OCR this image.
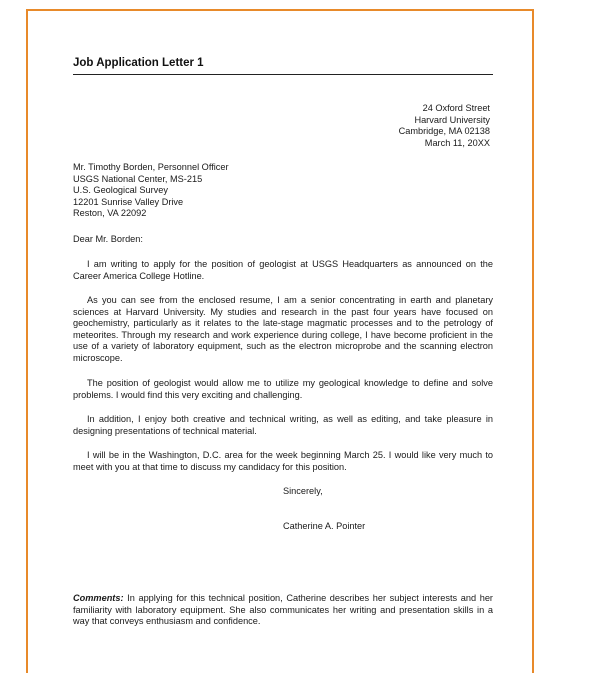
Job Application Letter 1
24 Oxford Street
Harvard University
Cambridge, MA 02138
March 11, 20XX
Mr. Timothy Borden, Personnel Officer
USGS National Center, MS-215
U.S. Geological Survey
12201 Sunrise Valley Drive
Reston, VA 22092
Dear Mr. Borden:
I am writing to apply for the position of geologist at USGS Headquarters as announced on the Career America College Hotline.
As you can see from the enclosed resume, I am a senior concentrating in earth and planetary sciences at Harvard University. My studies and research in the past four years have focused on geochemistry, particularly as it relates to the late-stage magmatic processes and to the petrology of meteorites. Through my research and work experience during college, I have become proficient in the use of a variety of laboratory equipment, such as the electron microprobe and the scanning electron microscope.
The position of geologist would allow me to utilize my geological knowledge to define and solve problems. I would find this very exciting and challenging.
In addition, I enjoy both creative and technical writing, as well as editing, and take pleasure in designing presentations of technical material.
I will be in the Washington, D.C. area for the week beginning March 25. I would like very much to meet with you at that time to discuss my candidacy for this position.
Sincerely,
Catherine A. Pointer
Comments: In applying for this technical position, Catherine describes her subject interests and her familiarity with laboratory equipment. She also communicates her writing and presentation skills in a way that conveys enthusiasm and confidence.
